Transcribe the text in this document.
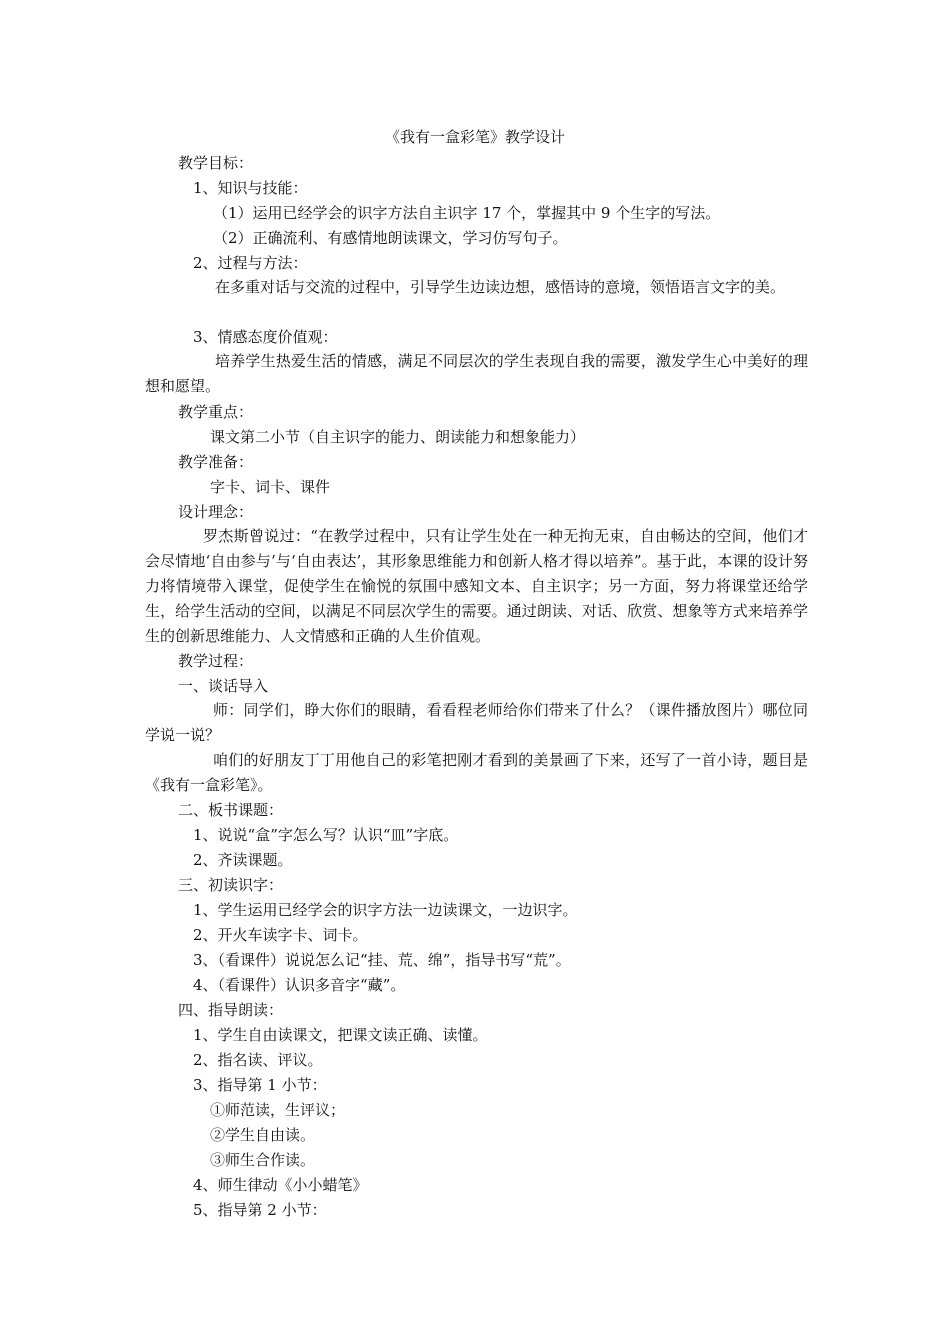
《我有一盒彩笔》教学设计
教学目标：
1、知识与技能：
（1）运用已经学会的识字方法自主识字 17 个，掌握其中 9 个生字的写法。
（2）正确流利、有感情地朗读课文，学习仿写句子。
2、过程与方法：
在多重对话与交流的过程中，引导学生边读边想，感悟诗的意境，领悟语言文字的美。
3、情感态度价值观：
培养学生热爱生活的情感，满足不同层次的学生表现自我的需要，激发学生心中美好的理想和愿望。
教学重点：
课文第二小节（自主识字的能力、朗读能力和想象能力）
教学准备：
字卡、词卡、课件
设计理念：
罗杰斯曾说过：“在教学过程中，只有让学生处在一种无拘无束，自由畅达的空间，他们才会尽情地‘自由参与’与‘自由表达’，其形象思维能力和创新人格才得以培养”。基于此，本课的设计努力将情境带入课堂，促使学生在愉悦的氛围中感知文本、自主识字；另一方面，努力将课堂还给学生，给学生活动的空间，以满足不同层次学生的需要。通过朗读、对话、欣赏、想象等方式来培养学生的创新思维能力、人文情感和正确的人生价值观。
教学过程：
一、谈话导入
师：同学们，睁大你们的眼睛，看看程老师给你们带来了什么？（课件播放图片）哪位同学说一说？
咱们的好朋友丁丁用他自己的彩笔把刚才看到的美景画了下来，还写了一首小诗，题目是《我有一盒彩笔》。
二、板书课题：
1、说说“盒”字怎么写？认识“皿”字底。
2、齐读课题。
三、初读识字：
1、学生运用已经学会的识字方法一边读课文，一边识字。
2、开火车读字卡、词卡。
3、（看课件）说说怎么记“挂、荒、绵”，指导书写“荒”。
4、（看课件）认识多音字“藏”。
四、指导朗读：
1、学生自由读课文，把课文读正确、读懂。
2、指名读、评议。
3、指导第 1 小节：
①师范读，生评议；
②学生自由读。
③师生合作读。
4、师生律动《小小蜡笔》
5、指导第 2 小节：
